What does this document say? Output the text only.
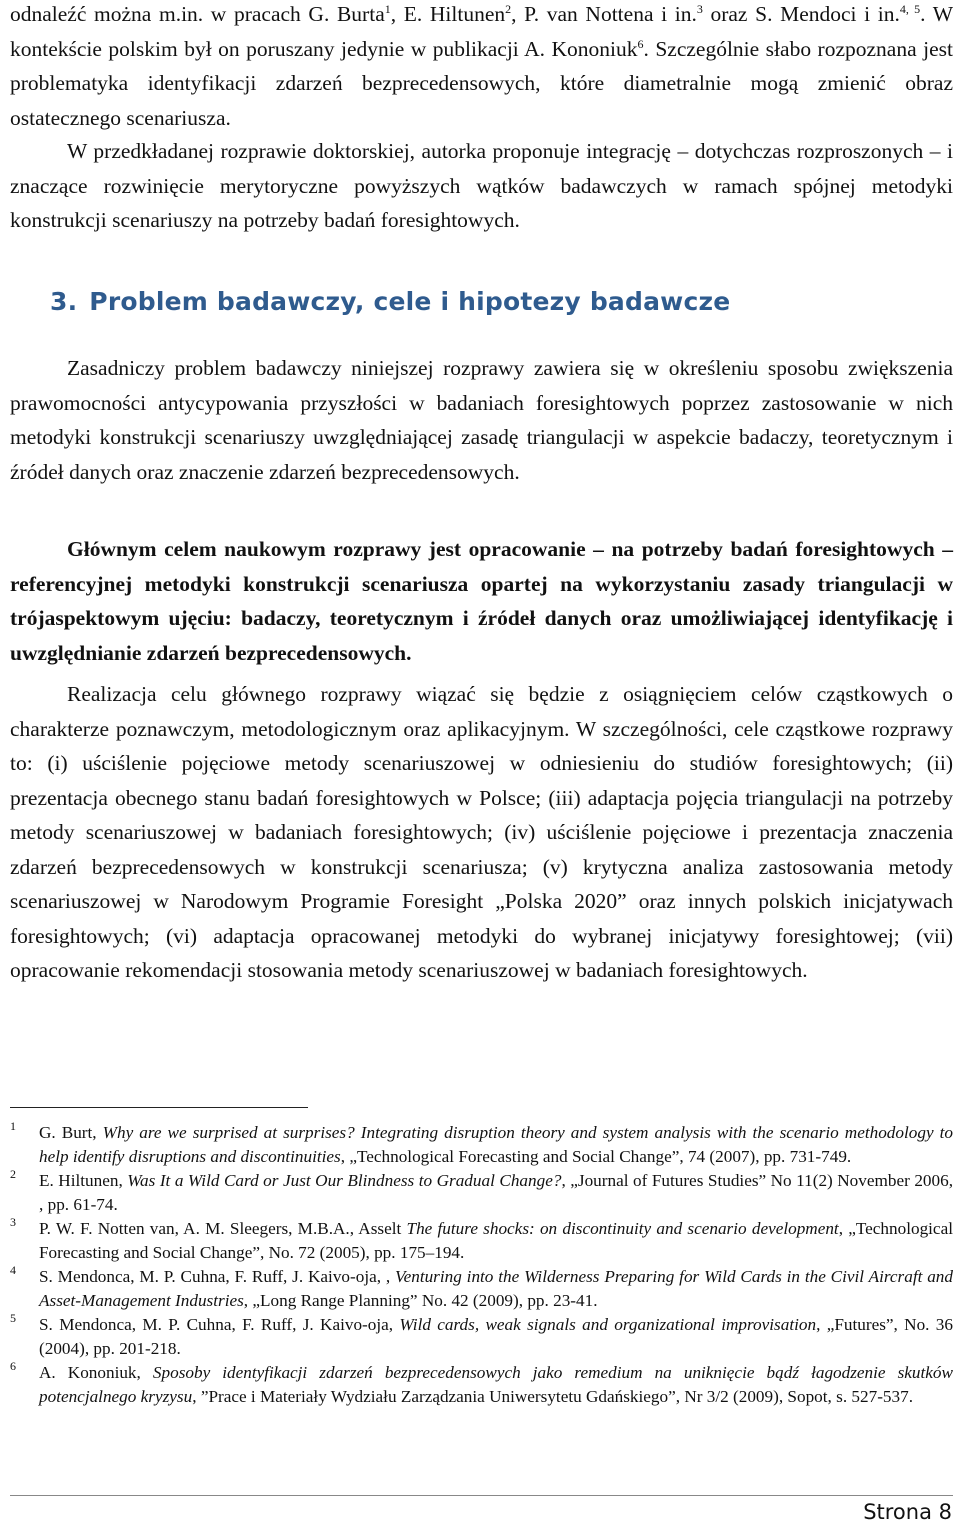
odnaleźć można m.in. w pracach G. Burta$^1$, E. Hiltunen$^2$, P. van Nottena i in.$^3$ oraz S. Mendoci i in.$^{4, 5}$. W kontekście polskim był on poruszany jedynie w publikacji A. Kononiuk$^6$. Szczególnie słabo rozpoznana jest problematyka identyfikacji zdarzeń bezprecedensowych, które diametralnie mogą zmienić obraz ostatecznego scenariusza.

W przedkładanej rozprawie doktorskiej, autorka proponuje integrację – dotychczas rozproszonych – i znaczące rozwinięcie merytoryczne powyższych wątków badawczych w ramach spójnej metodyki konstrukcji scenariuszy na potrzeby badań foresightowych.

3. Problem badawczy, cele i hipotezy badawcze

Zasadniczy problem badawczy niniejszej rozprawy zawiera się w określeniu sposobu zwiększenia prawomocności antycypowania przyszłości w badaniach foresightowych poprzez zastosowanie w nich metodyki konstrukcji scenariuszy uwzględniającej zasadę triangulacji w aspekcie badaczy, teoretycznym i źródeł danych oraz znaczenie zdarzeń bezprecedensowych.

Głównym celem naukowym rozprawy jest opracowanie – na potrzeby badań foresightowych – referencyjnej metodyki konstrukcji scenariusza opartej na wykorzystaniu zasady triangulacji w trójaspektowym ujęciu: badaczy, teoretycznym i źródeł danych oraz umożliwiającej identyfikację i uwzględnianie zdarzeń bezprecedensowych.

Realizacja celu głównego rozprawy wiązać się będzie z osiągnięciem celów cząstkowych o charakterze poznawczym, metodologicznym oraz aplikacyjnym. W szczególności, cele cząstkowe rozprawy to: (i) uściślenie pojęciowe metody scenariuszowej w odniesieniu do studiów foresightowych; (ii) prezentacja obecnego stanu badań foresightowych w Polsce; (iii) adaptacja pojęcia triangulacji na potrzeby metody scenariuszowej w badaniach foresightowych; (iv) uściślenie pojęciowe i prezentacja znaczenia zdarzeń bezprecedensowych w konstrukcji scenariusza; (v) krytyczna analiza zastosowania metody scenariuszowej w Narodowym Programie Foresight „Polska 2020” oraz innych polskich inicjatywach foresightowych; (vi) adaptacja opracowanej metodyki do wybranej inicjatywy foresightowej; (vii) opracowanie rekomendacji stosowania metody scenariuszowej w badaniach foresightowych.

1 G. Burt, Why are we surprised at surprises? Integrating disruption theory and system analysis with the scenario methodology to help identify disruptions and discontinuities, „Technological Forecasting and Social Change”, 74 (2007), pp. 731-749.

2 E. Hiltunen, Was It a Wild Card or Just Our Blindness to Gradual Change?, „Journal of Futures Studies” No 11(2) November 2006, , pp. 61-74.

3 P. W. F. Notten van, A. M. Sleegers, M.B.A., Asselt The future shocks: on discontinuity and scenario development, „Technological Forecasting and Social Change”, No. 72 (2005), pp. 175–194.

4 S. Mendonca, M. P. Cuhna, F. Ruff, J. Kaivo-oja, , Venturing into the Wilderness Preparing for Wild Cards in the Civil Aircraft and Asset-Management Industries, „Long Range Planning” No. 42 (2009), pp. 23-41.

5 S. Mendonca, M. P. Cuhna, F. Ruff, J. Kaivo-oja, Wild cards, weak signals and organizational improvisation, „Futures”, No. 36 (2004), pp. 201-218.

6 A. Kononiuk, Sposoby identyfikacji zdarzeń bezprecedensowych jako remedium na uniknięcie bądź łagodzenie skutków potencjalnego kryzysu, ”Prace i Materiały Wydziału Zarządzania Uniwersytetu Gdańskiego”, Nr 3/2 (2009), Sopot, s. 527-537.

Strona 8
